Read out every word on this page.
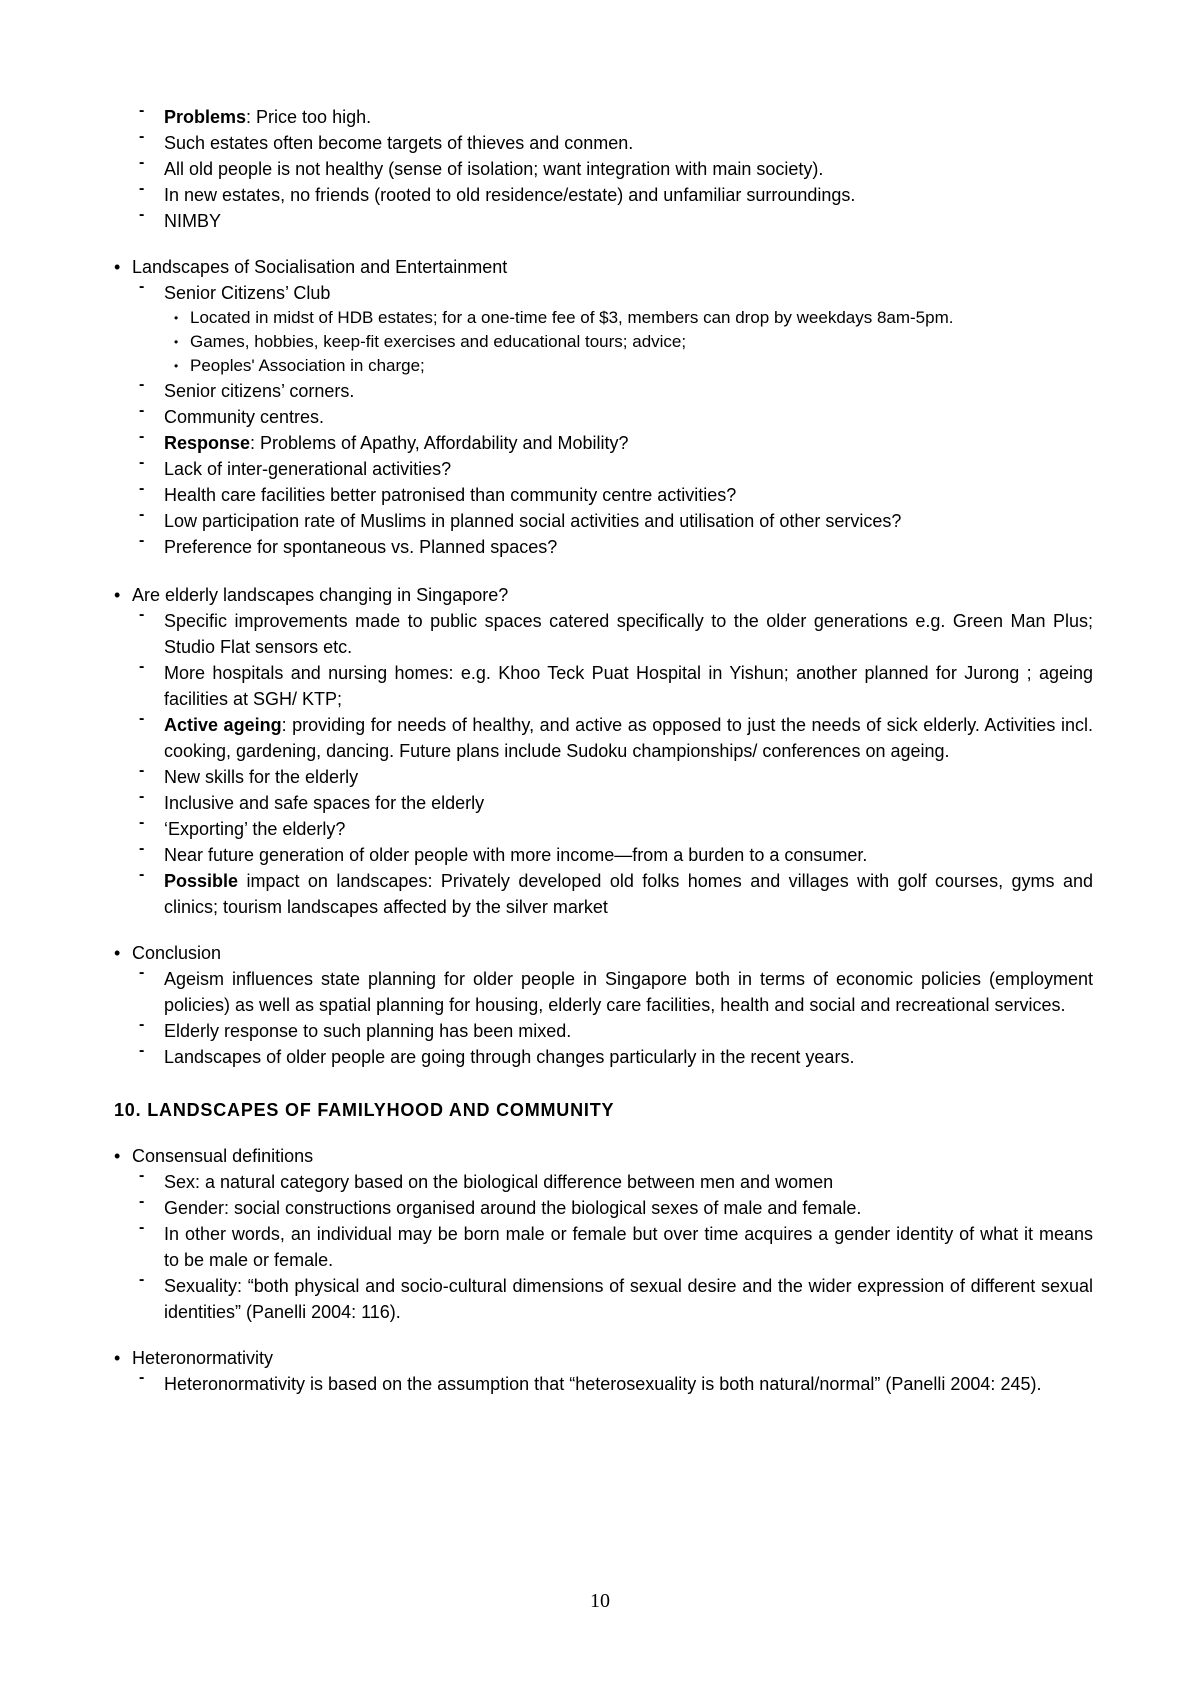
‐ Problems: Price too high.
‐ Such estates often become targets of thieves and conmen.
‐ All old people is not healthy (sense of isolation; want integration with main society).
‐ In new estates, no friends (rooted to old residence/estate) and unfamiliar surroundings.
‐ NIMBY
• Landscapes of Socialisation and Entertainment
‐ Senior Citizens’ Club
• Located in midst of HDB estates; for a one-time fee of $3, members can drop by weekdays 8am-5pm.
• Games, hobbies, keep-fit exercises and educational tours; advice;
• Peoples' Association in charge;
‐ Senior citizens’ corners.
‐ Community centres.
‐ Response: Problems of Apathy, Affordability and Mobility?
‐ Lack of inter-generational activities?
‐ Health care facilities better patronised than community centre activities?
‐ Low participation rate of Muslims in planned social activities and utilisation of other services?
‐ Preference for spontaneous vs. Planned spaces?
• Are elderly landscapes changing in Singapore?
‐ Specific improvements made to public spaces catered specifically to the older generations e.g. Green Man Plus; Studio Flat sensors etc.
‐ More hospitals and nursing homes: e.g. Khoo Teck Puat Hospital in Yishun; another planned for Jurong ; ageing facilities at SGH/ KTP;
‐ Active ageing: providing for needs of healthy, and active as opposed to just the needs of sick elderly. Activities incl. cooking, gardening, dancing. Future plans include Sudoku championships/ conferences on ageing.
‐ New skills for the elderly
‐ Inclusive and safe spaces for the elderly
‐ ‘Exporting’ the elderly?
‐ Near future generation of older people with more income—from a burden to a consumer.
‐ Possible impact on landscapes: Privately developed old folks homes and villages with golf courses, gyms and clinics; tourism landscapes affected by the silver market
• Conclusion
‐ Ageism influences state planning for older people in Singapore both in terms of economic policies (employment policies) as well as spatial planning for housing, elderly care facilities, health and social and recreational services.
‐ Elderly response to such planning has been mixed.
‐ Landscapes of older people are going through changes particularly in the recent years.
10. LANDSCAPES OF FAMILYHOOD AND COMMUNITY
• Consensual definitions
‐ Sex: a natural category based on the biological difference between men and women
‐ Gender: social constructions organised around the biological sexes of male and female.
‐ In other words, an individual may be born male or female but over time acquires a gender identity of what it means to be male or female.
‐ Sexuality: “both physical and socio-cultural dimensions of sexual desire and the wider expression of different sexual identities” (Panelli 2004: 116).
• Heteronormativity
‐ Heteronormativity is based on the assumption that “heterosexuality is both natural/normal” (Panelli 2004: 245).
10
